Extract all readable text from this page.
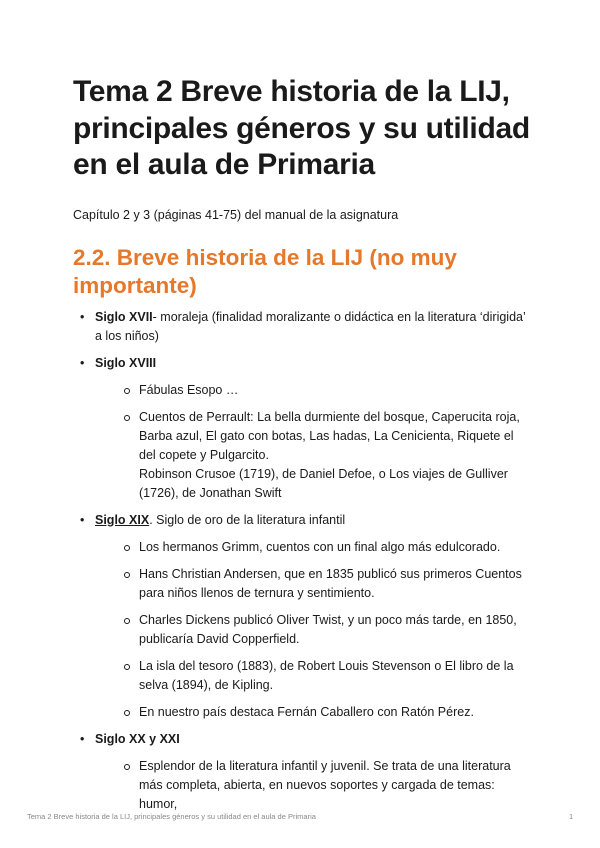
Tema 2 Breve historia de la LIJ, principales géneros y su utilidad en el aula de Primaria

Capítulo 2 y 3 (páginas 41-75) del manual de la asignatura

2.2. Breve historia de la LIJ (no muy importante)
• Siglo XVII- moraleja (finalidad moralizante o didáctica en la literatura ‘dirigida’ a los niños)
• Siglo XVIII
Fábulas Esopo …
Cuentos de Perrault: La bella durmiente del bosque, Caperucita roja, Barba azul, El gato con botas, Las hadas, La Cenicienta, Riquete el del copete y Pulgarcito.
Robinson Crusoe (1719), de Daniel Defoe, o Los viajes de Gulliver (1726), de Jonathan Swift
• Siglo XIX. Siglo de oro de la literatura infantil
Los hermanos Grimm, cuentos con un final algo más edulcorado.
Hans Christian Andersen, que en 1835 publicó sus primeros Cuentos para niños llenos de ternura y sentimiento.
Charles Dickens publicó Oliver Twist, y un poco más tarde, en 1850, publicaría David Copperfield.
La isla del tesoro (1883), de Robert Louis Stevenson o El libro de la selva (1894), de Kipling.
En nuestro país destaca Fernán Caballero con Ratón Pérez.
• Siglo XX y XXI
Esplendor de la literatura infantil y juvenil. Se trata de una literatura más completa, abierta, en nuevos soportes y cargada de temas: humor,
Tema 2 Breve historia de la LIJ, principales géneros y su utilidad en el aula de Primaria	1
